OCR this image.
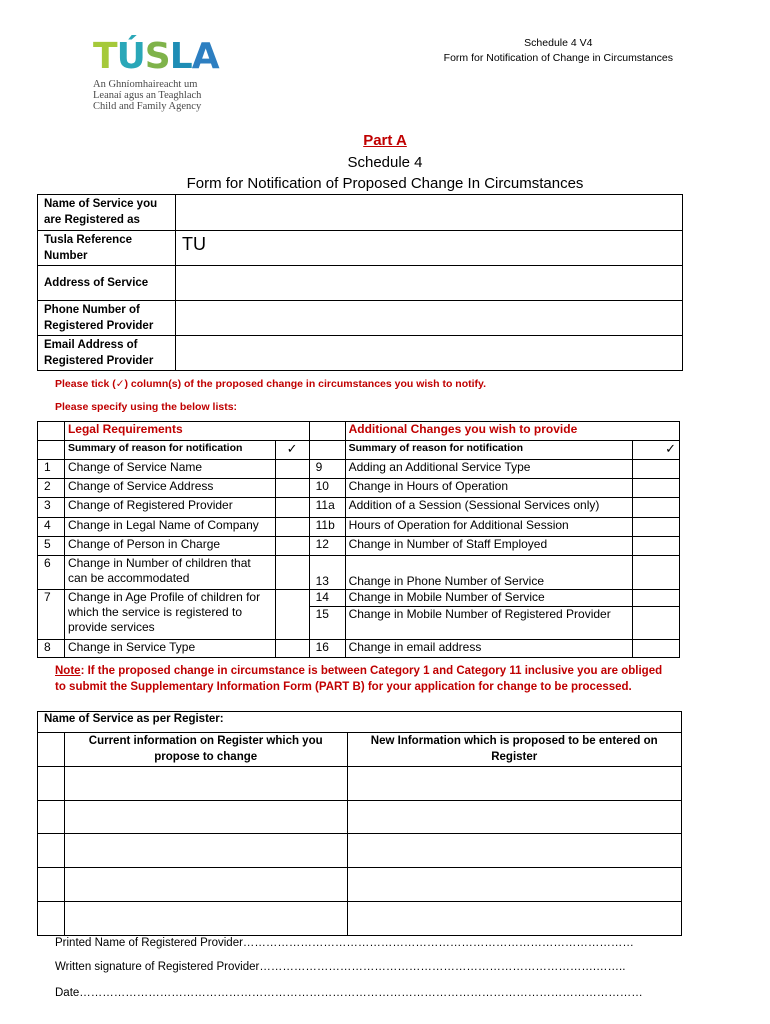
Schedule 4 V4
Form for Notification of Change in Circumstances
TÚSLA
An Ghníomhaireacht um
Leanaí agus an Teaghlach
Child and Family Agency
Part A
Schedule 4
Form for Notification of Proposed Change In Circumstances
Name of Service you are Registered as	
Tusla Reference Number	TU
Address of Service	
Phone Number of Registered Provider	
Email Address of Registered Provider	
Please tick (✓) column(s) of the proposed change in circumstances you wish to notify.
Please specify using the below lists:
	Legal Requirements			Additional Changes you wish to provide	
	Summary of reason for notification	✓		Summary of reason for notification	✓
1	Change of Service Name		9	Adding an Additional Service Type	
2	Change of Service Address		10	Change in Hours of Operation	
3	Change of Registered Provider		11a	Addition of a Session (Sessional Services only)	
4	Change in Legal Name of Company		11b	Hours of Operation for Additional Session	
5	Change of Person in Charge		12	Change in Number of Staff Employed	
6	Change in Number of children that can be accommodated		13	Change in Phone Number of Service	
7	Change in Age Profile of children for which the service is registered to provide services		14	Change in Mobile Number of Service	
			15	Change in Mobile Number of Registered Provider	
8	Change in Service Type		16	Change in email address	
Note: If the proposed change in circumstance is between Category 1 and Category 11 inclusive you are obliged to submit the Supplementary Information Form (PART B) for your application for change to be processed.
Name of Service as per Register:		
	Current information on Register which you propose to change	New Information which is proposed to be entered on Register

Printed Name of Registered Provider…………………………………………………………………………………………
Written signature of Registered Provider…………………………………………………………………………….……..
Date…………………………………………………………………………………………………………………………………
